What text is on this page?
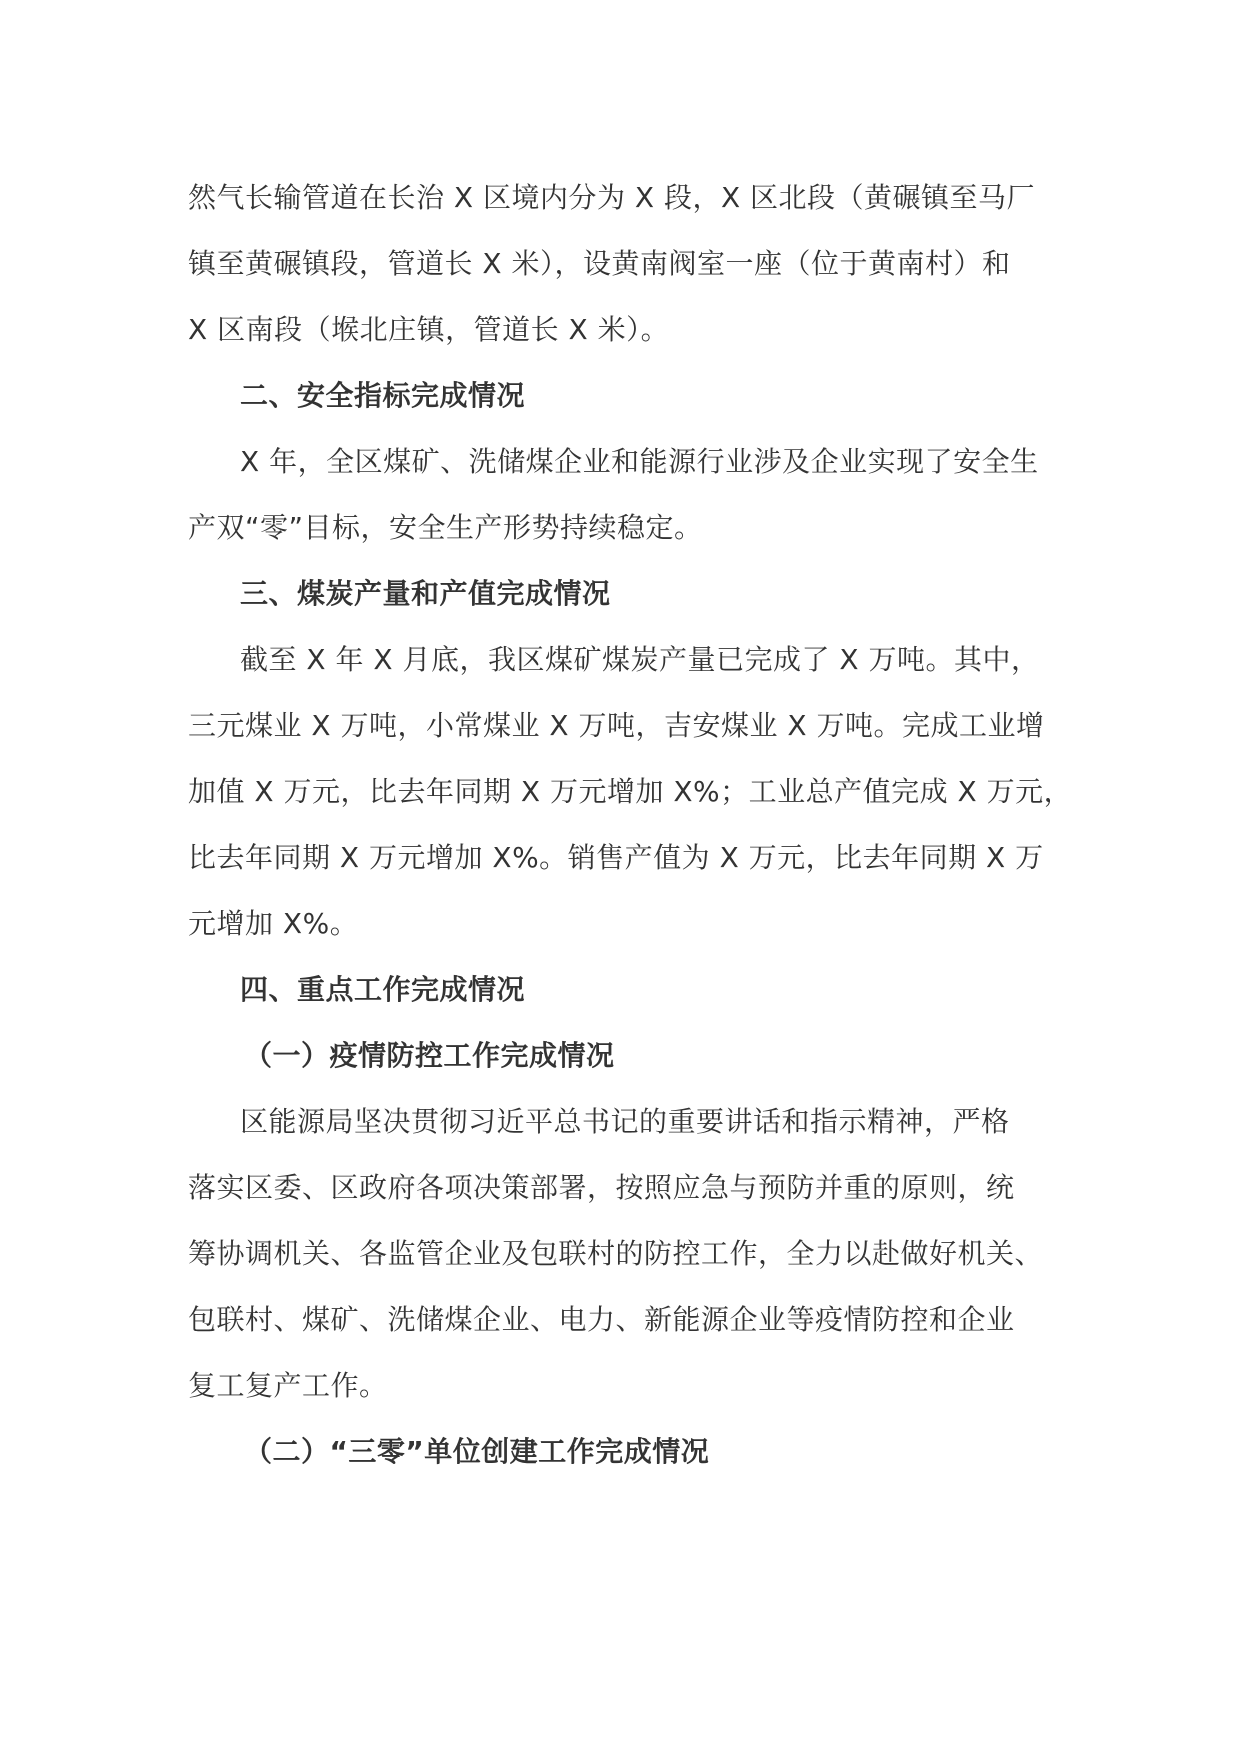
然气长输管道在长治 X 区境内分为 X 段，X 区北段（黄碾镇至马厂
镇至黄碾镇段，管道长 X 米），设黄南阀室一座（位于黄南村）和
X 区南段（堠北庄镇，管道长 X 米）。
二、安全指标完成情况
X 年，全区煤矿、洗储煤企业和能源行业涉及企业实现了安全生
产双“零”目标，安全生产形势持续稳定。
三、煤炭产量和产值完成情况
截至 X 年 X 月底，我区煤矿煤炭产量已完成了 X 万吨。其中，
三元煤业 X 万吨，小常煤业 X 万吨，吉安煤业 X 万吨。完成工业增
加值 X 万元，比去年同期 X 万元增加 X%；工业总产值完成 X 万元，
比去年同期 X 万元增加 X%。销售产值为 X 万元，比去年同期 X 万
元增加 X%。
四、重点工作完成情况
（一）疫情防控工作完成情况
区能源局坚决贯彻习近平总书记的重要讲话和指示精神，严格
落实区委、区政府各项决策部署，按照应急与预防并重的原则，统
筹协调机关、各监管企业及包联村的防控工作，全力以赴做好机关、
包联村、煤矿、洗储煤企业、电力、新能源企业等疫情防控和企业
复工复产工作。
（二）“三零”单位创建工作完成情况
